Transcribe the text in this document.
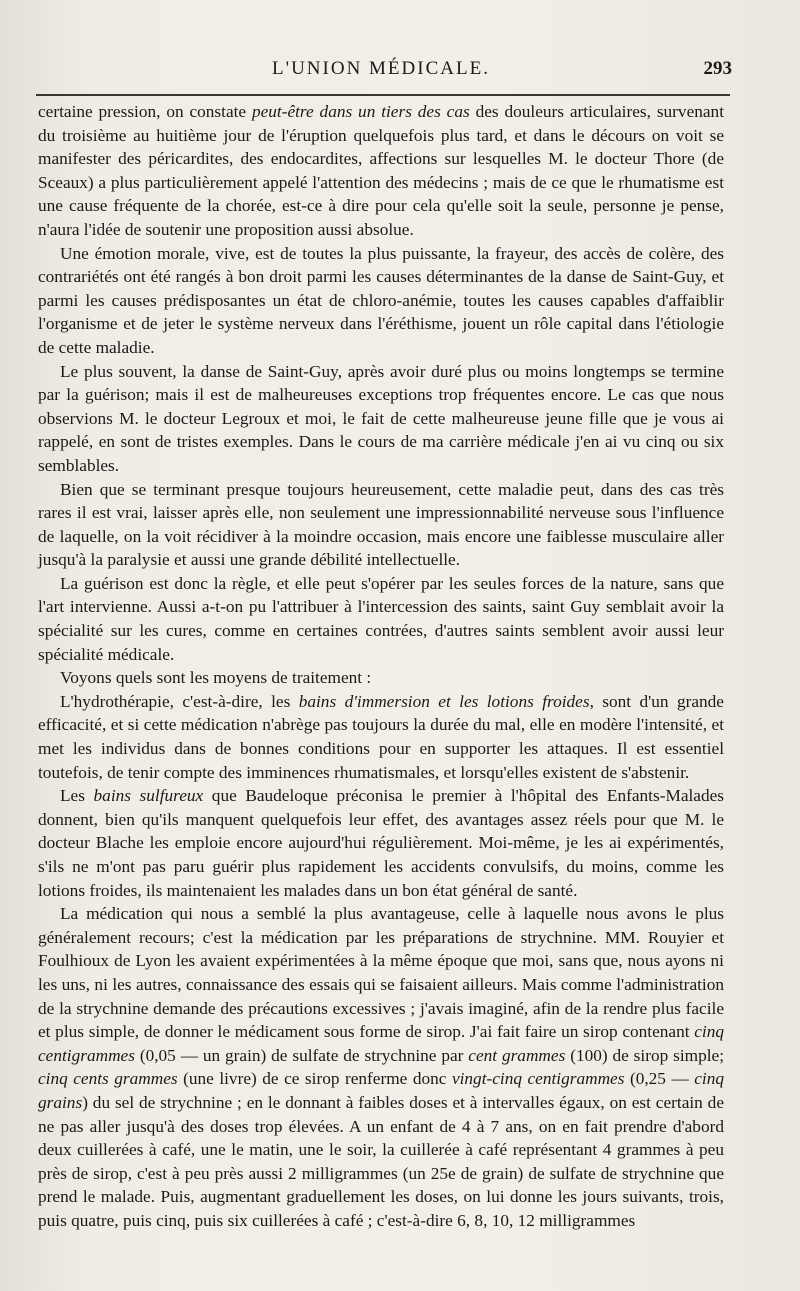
L'UNION MÉDICALE.	293

certaine pression, on constate peut-être dans un tiers des cas des douleurs articulaires, survenant du troisième au huitième jour de l'éruption quelquefois plus tard, et dans le décours on voit se manifester des péricardites, des endocardites, affections sur lesquelles M. le docteur Thore (de Sceaux) a plus particulièrement appelé l'attention des médecins ; mais de ce que le rhumatisme est une cause fréquente de la chorée, est-ce à dire pour cela qu'elle soit la seule, personne je pense, n'aura l'idée de soutenir une proposition aussi absolue.

Une émotion morale, vive, est de toutes la plus puissante, la frayeur, des accès de colère, des contrariétés ont été rangés à bon droit parmi les causes déterminantes de la danse de Saint-Guy, et parmi les causes prédisposantes un état de chloro-anémie, toutes les causes capables d'affaiblir l'organisme et de jeter le système nerveux dans l'éréthisme, jouent un rôle capital dans l'étiologie de cette maladie.

Le plus souvent, la danse de Saint-Guy, après avoir duré plus ou moins longtemps se termine par la guérison; mais il est de malheureuses exceptions trop fréquentes encore. Le cas que nous observions M. le docteur Legroux et moi, le fait de cette malheureuse jeune fille que je vous ai rappelé, en sont de tristes exemples. Dans le cours de ma carrière médicale j'en ai vu cinq ou six semblables.

Bien que se terminant presque toujours heureusement, cette maladie peut, dans des cas très rares il est vrai, laisser après elle, non seulement une impressionnabilité nerveuse sous l'influence de laquelle, on la voit récidiver à la moindre occasion, mais encore une faiblesse musculaire aller jusqu'à la paralysie et aussi une grande débilité intellectuelle.

La guérison est donc la règle, et elle peut s'opérer par les seules forces de la nature, sans que l'art intervienne. Aussi a-t-on pu l'attribuer à l'intercession des saints, saint Guy semblait avoir la spécialité sur les cures, comme en certaines contrées, d'autres saints semblent avoir aussi leur spécialité médicale.

Voyons quels sont les moyens de traitement :

L'hydrothérapie, c'est-à-dire, les bains d'immersion et les lotions froides, sont d'un grande efficacité, et si cette médication n'abrège pas toujours la durée du mal, elle en modère l'intensité, et met les individus dans de bonnes conditions pour en supporter les attaques. Il est essentiel toutefois, de tenir compte des imminences rhumatismales, et lorsqu'elles existent de s'abstenir.

Les bains sulfureux que Baudeloque préconisa le premier à l'hôpital des Enfants-Malades donnent, bien qu'ils manquent quelquefois leur effet, des avantages assez réels pour que M. le docteur Blache les emploie encore aujourd'hui régulièrement. Moi-même, je les ai expérimentés, s'ils ne m'ont pas paru guérir plus rapidement les accidents convulsifs, du moins, comme les lotions froides, ils maintenaient les malades dans un bon état général de santé.

La médication qui nous a semblé la plus avantageuse, celle à laquelle nous avons le plus généralement recours; c'est la médication par les préparations de strychnine. MM. Rouyier et Foulhioux de Lyon les avaient expérimentées à la même époque que moi, sans que, nous ayons ni les uns, ni les autres, connaissance des essais qui se faisaient ailleurs. Mais comme l'administration de la strychnine demande des précautions excessives ; j'avais imaginé, afin de la rendre plus facile et plus simple, de donner le médicament sous forme de sirop. J'ai fait faire un sirop contenant cinq centigrammes (0,05 — un grain) de sulfate de strychnine par cent grammes (100) de sirop simple; cinq cents grammes (une livre) de ce sirop renferme donc vingt-cinq centigrammes (0,25 — cinq grains) du sel de strychnine ; en le donnant à faibles doses et à intervalles égaux, on est certain de ne pas aller jusqu'à des doses trop élevées. A un enfant de 4 à 7 ans, on en fait prendre d'abord deux cuillerées à café, une le matin, une le soir, la cuillerée à café représentant 4 grammes à peu près de sirop, c'est à peu près aussi 2 milligrammes (un 25e de grain) de sulfate de strychnine que prend le malade. Puis, augmentant graduellement les doses, on lui donne les jours suivants, trois, puis quatre, puis cinq, puis six cuillerées à café ; c'est-à-dire 6, 8, 10, 12 milligrammes
